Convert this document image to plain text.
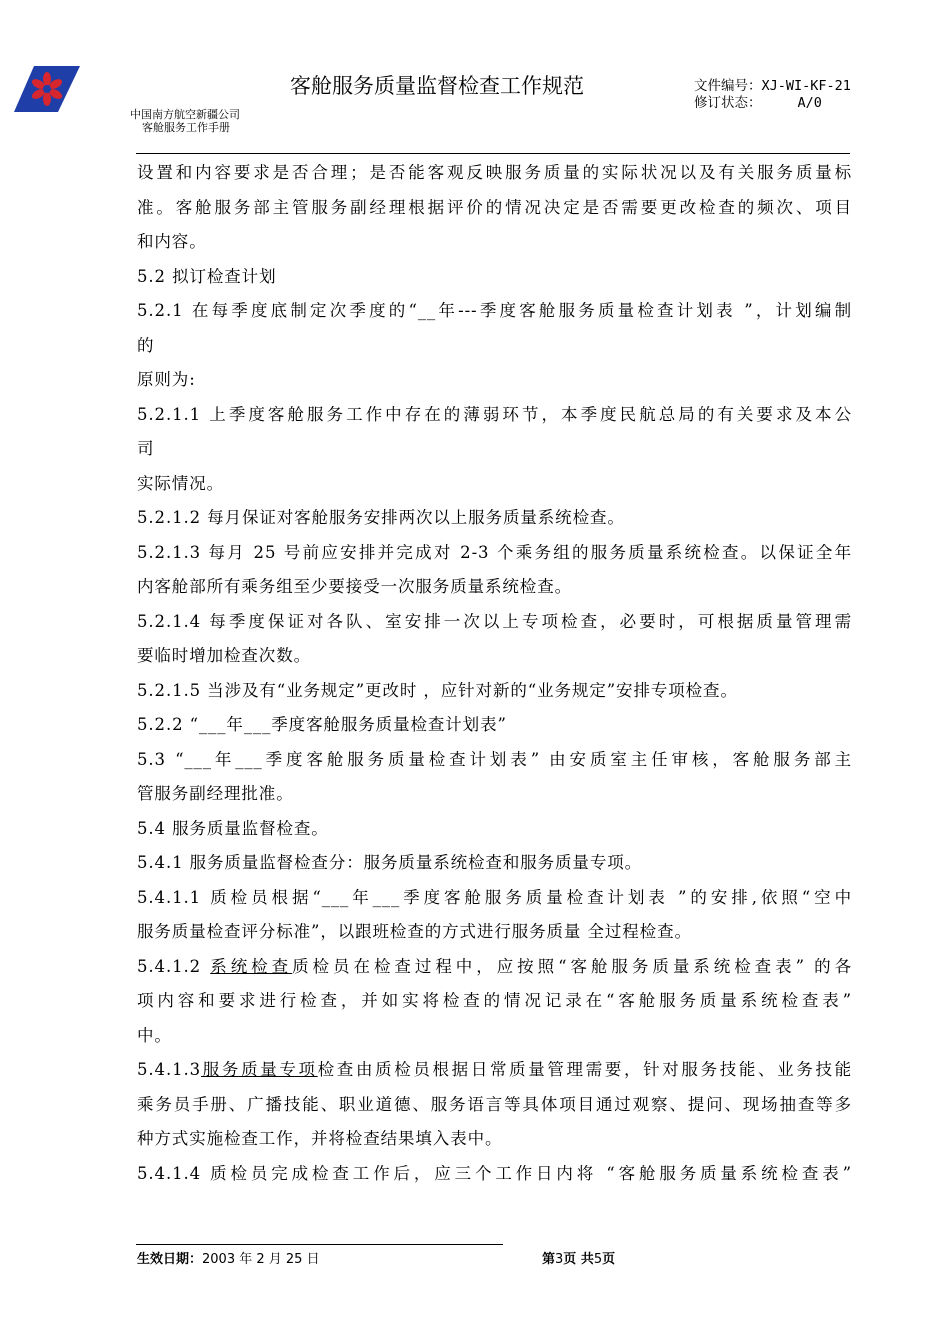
中国南方航空新疆公司
客舱服务工作手册
客舱服务质量监督检查工作规范	文件编号：XJ-WI-KF-21
修订状态：	A/0
设置和内容要求是否合理；是否能客观反映服务质量的实际状况以及有关服务质量标
准。客舱服务部主管服务副经理根据评价的情况决定是否需要更改检查的频次、项目
和内容。
5.2 拟订检查计划
5.2.1 在每季度底制定次季度的“__年---季度客舱服务质量检查计划表 ”，计划编制
的
原则为:
5.2.1.1 上季度客舱服务工作中存在的薄弱环节，本季度民航总局的有关要求及本公
司
实际情况。
5.2.1.2 每月保证对客舱服务安排两次以上服务质量系统检查。
5.2.1.3 每月 25 号前应安排并完成对 2-3 个乘务组的服务质量系统检查。以保证全年
内客舱部所有乘务组至少要接受一次服务质量系统检查。
5.2.1.4 每季度保证对各队、室安排一次以上专项检查，必要时，可根据质量管理需
要临时增加检查次数。
5.2.1.5 当涉及有“业务规定”更改时 ，应针对新的“业务规定”安排专项检查。
5.2.2 “___年___季度客舱服务质量检查计划表”
5.3 “___年___季度客舱服务质量检查计划表” 由安质室主任审核，客舱服务部主
管服务副经理批准。
5.4 服务质量监督检查。
5.4.1 服务质量监督检查分：服务质量系统检查和服务质量专项。
5.4.1.1 质检员根据“___年___季度客舱服务质量检查计划表 ”的安排,依照“空中
服务质量检查评分标准”，以跟班检查的方式进行服务质量 全过程检查。
5.4.1.2 系统检查质检员在检查过程中，应按照“客舱服务质量系统检查表” 的各
项内容和要求进行检查，并如实将检查的情况记录在“客舱服务质量系统检查表”
中。
5.4.1.3服务质量专项检查由质检员根据日常质量管理需要，针对服务技能、业务技能
乘务员手册、广播技能、职业道德、服务语言等具体项目通过观察、提问、现场抽查等多
种方式实施检查工作，并将检查结果填入表中。
5.4.1.4 质检员完成检查工作后，应三个工作日内将 “客舱服务质量系统检查表”
生效日期：2003 年 2 月 25 日	第3页 共5页
